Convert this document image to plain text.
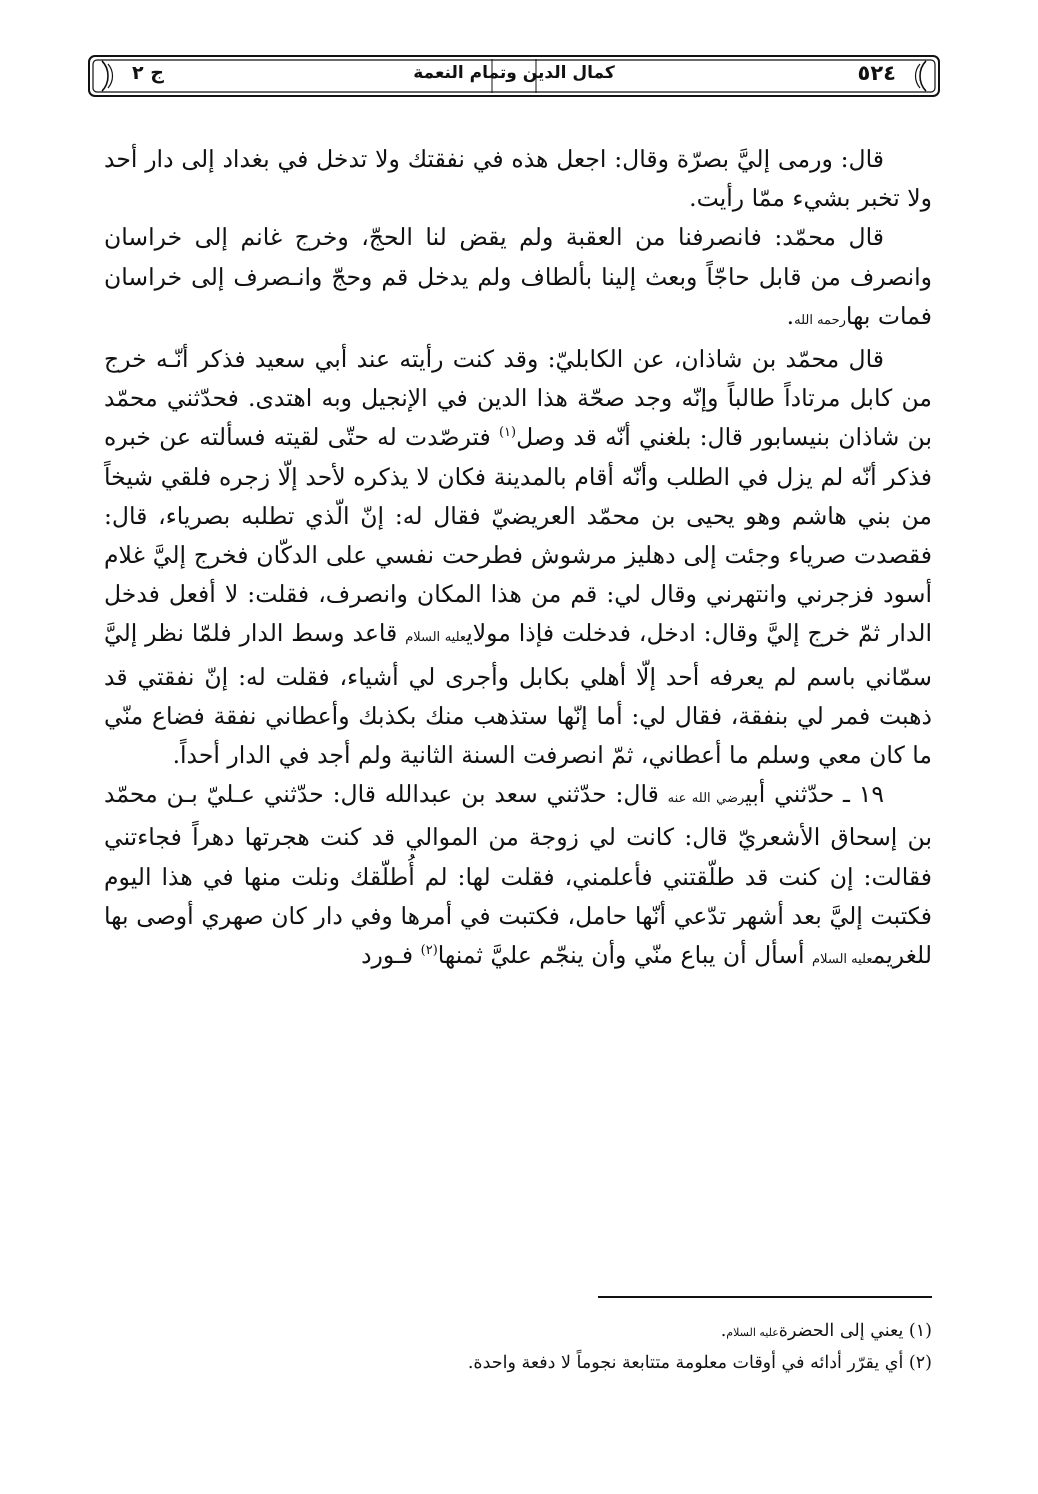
٥٢٤
كمال الدين وتمام النعمة
ج ٢

قال: ورمى إليَّ بصرّة وقال: اجعل هذه في نفقتك ولا تدخل في بغداد إلى دار أحد ولا تخبر بشيء ممّا رأيت.

قال محمّد: فانصرفنا من العقبة ولم يقض لنا الحجّ، وخرج غانم إلى خراسان وانصرف من قابل حاجّاً وبعث إلينا بألطاف ولم يدخل قم وحجّ وانـصرف إلى خراسان فمات بهارحمه الله.

قال محمّد بن شاذان، عن الكابليّ: وقد كنت رأيته عند أبي سعيد فذكر أنّـه خرج من كابل مرتاداً طالباً وإنّه وجد صحّة هذا الدين في الإنجيل وبه اهتدى. فحدّثني محمّد بن شاذان بنيسابور قال: بلغني أنّه قد وصل$^{(١)}$ فترصّدت له حتّى لقيته فسألته عن خبره فذكر أنّه لم يزل في الطلب وأنّه أقام بالمدينة فكان لا يذكره لأحد إلّا زجره فلقي شيخاً من بني هاشم وهو يحيى بن محمّد العريضيّ فقال له: إنّ الّذي تطلبه بصرياء، قال: فقصدت صرياء وجئت إلى دهليز مرشوش فطرحت نفسي على الدكّان فخرج إليَّ غلام أسود فزجرني وانتهرني وقال لي: قم من هذا المكان وانصرف، فقلت: لا أفعل فدخل الدار ثمّ خرج إليَّ وقال: ادخل، فدخلت فإذا مولايعليه السلام قاعد وسط الدار فلمّا نظر إليَّ سمّاني باسم لم يعرفه أحد إلّا أهلي بكابل وأجرى لي أشياء، فقلت له: إنّ نفقتي قد ذهبت فمر لي بنفقة، فقال لي: أما إنّها ستذهب منك بكذبك وأعطاني نفقة فضاع منّي ما كان معي وسلم ما أعطاني، ثمّ انصرفت السنة الثانية ولم أجد في الدار أحداً.

١٩ ـ حدّثني أبيرضي الله عنه قال: حدّثني سعد بن عبدالله قال: حدّثني عـليّ بـن محمّد بن إسحاق الأشعريّ قال: كانت لي زوجة من الموالي قد كنت هجرتها دهراً فجاءتني فقالت: إن كنت قد طلّقتني فأعلمني، فقلت لها: لم أُطلّقك ونلت منها في هذا اليوم فكتبت إليَّ بعد أشهر تدّعي أنّها حامل، فكتبت في أمرها وفي دار كان صهري أوصى بها للغريمعليه السلام أسأل أن يباع منّي وأن ينجّم عليَّ ثمنها$^{(٢)}$ فـورد

(١) يعني إلى الحضرةعليه السلام.

(٢) أي يقرّر أدائه في أوقات معلومة متتابعة نجوماً لا دفعة واحدة.
